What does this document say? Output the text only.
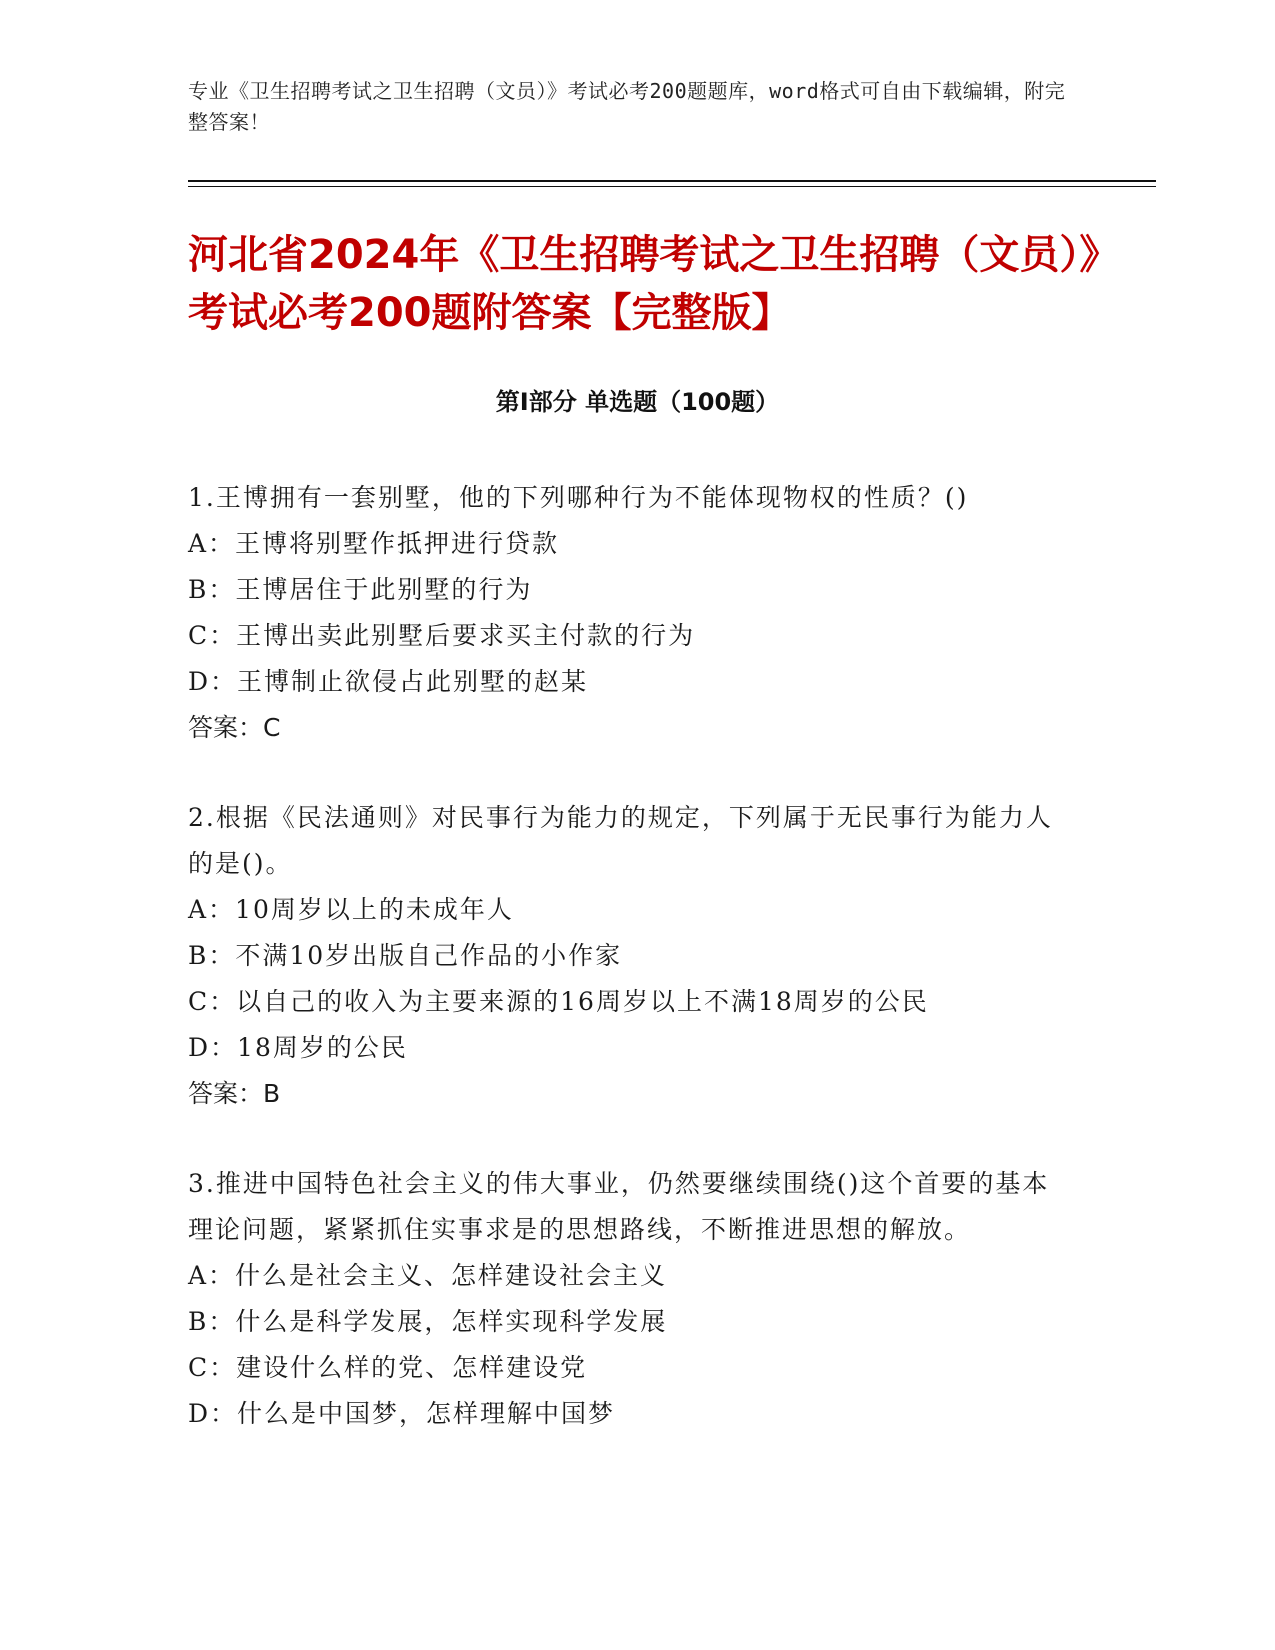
专业《卫生招聘考试之卫生招聘（文员）》考试必考200题题库，word格式可自由下载编辑，附完整答案！
河北省2024年《卫生招聘考试之卫生招聘（文员）》考试必考200题附答案【完整版】
第I部分 单选题（100题）
1.王博拥有一套别墅，他的下列哪种行为不能体现物权的性质？()
A：王博将别墅作抵押进行贷款
B：王博居住于此别墅的行为
C：王博出卖此别墅后要求买主付款的行为
D：王博制止欲侵占此别墅的赵某
答案：C
2.根据《民法通则》对民事行为能力的规定，下列属于无民事行为能力人的是()。
A：10周岁以上的未成年人
B：不满10岁出版自己作品的小作家
C：以自己的收入为主要来源的16周岁以上不满18周岁的公民
D：18周岁的公民
答案：B
3.推进中国特色社会主义的伟大事业，仍然要继续围绕()这个首要的基本理论问题，紧紧抓住实事求是的思想路线，不断推进思想的解放。
A：什么是社会主义、怎样建设社会主义
B：什么是科学发展，怎样实现科学发展
C：建设什么样的党、怎样建设党
D：什么是中国梦，怎样理解中国梦
